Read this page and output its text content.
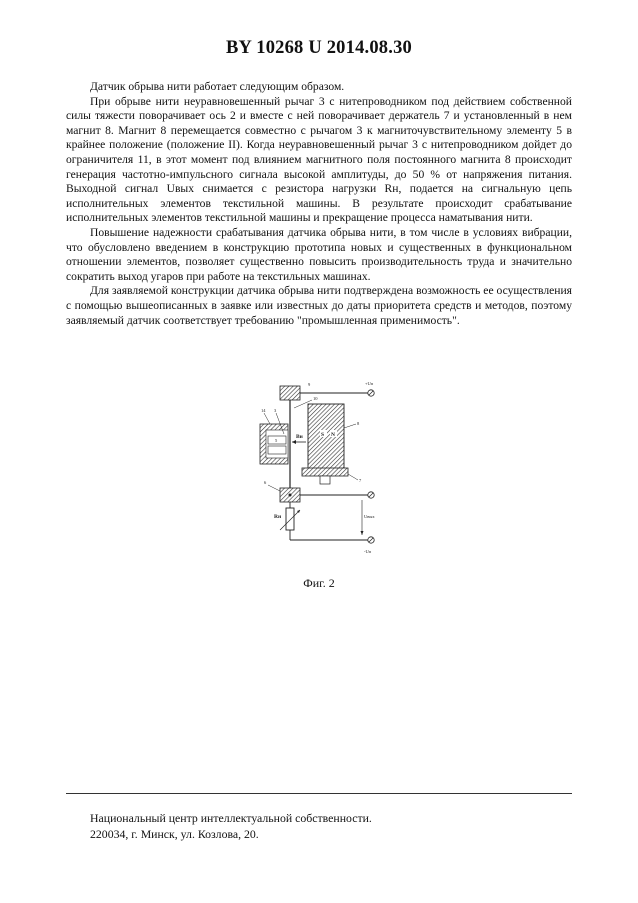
BY 10268 U 2014.08.30

Датчик обрыва нити работает следующим образом.

При обрыве нити неуравновешенный рычаг 3 с нитепроводником под действием собственной силы тяжести поворачивает ось 2 и вместе с ней поворачивает держатель 7 и установленный в нем магнит 8. Магнит 8 перемещается совместно с рычагом 3 к магниточувствительному элементу 5 в крайнее положение (положение II). Когда неуравновешенный рычаг 3 с нитепроводником дойдет до ограничителя 11, в этот момент под влиянием магнитного поля постоянного магнита 8 происходит генерация частотно-импульсного сигнала высокой амплитуды, до 50 % от напряжения питания. Выходной сигнал Uвых снимается с резистора нагрузки Rн, подается на сигнальную цепь исполнительных элементов текстильной машины. В результате происходит срабатывание исполнительных элементов текстильной машины и прекращение процесса наматывания нити.

Повышение надежности срабатывания датчика обрыва нити, в том числе в условиях вибрации, что обусловлено введением в конструкцию прототипа новых и существенных в функциональном отношении элементов, позволяет существенно повысить производительность труда и значительно сократить выход угаров при работе на текстильных машинах.

Для заявляемой конструкции датчика обрыва нити подтверждена возможность ее осуществления с помощью вышеописанных в заявке или известных до даты приоритета средств и методов, поэтому заявляемый датчик соответствует требованию "промышленная применимость".

9	+Uп
10
14 3
5
Вн	S N
8
7
6
Rн
-Uп
Uвых
Фиг. 2
Национальный центр интеллектуальной собственности.
220034, г. Минск, ул. Козлова, 20.
